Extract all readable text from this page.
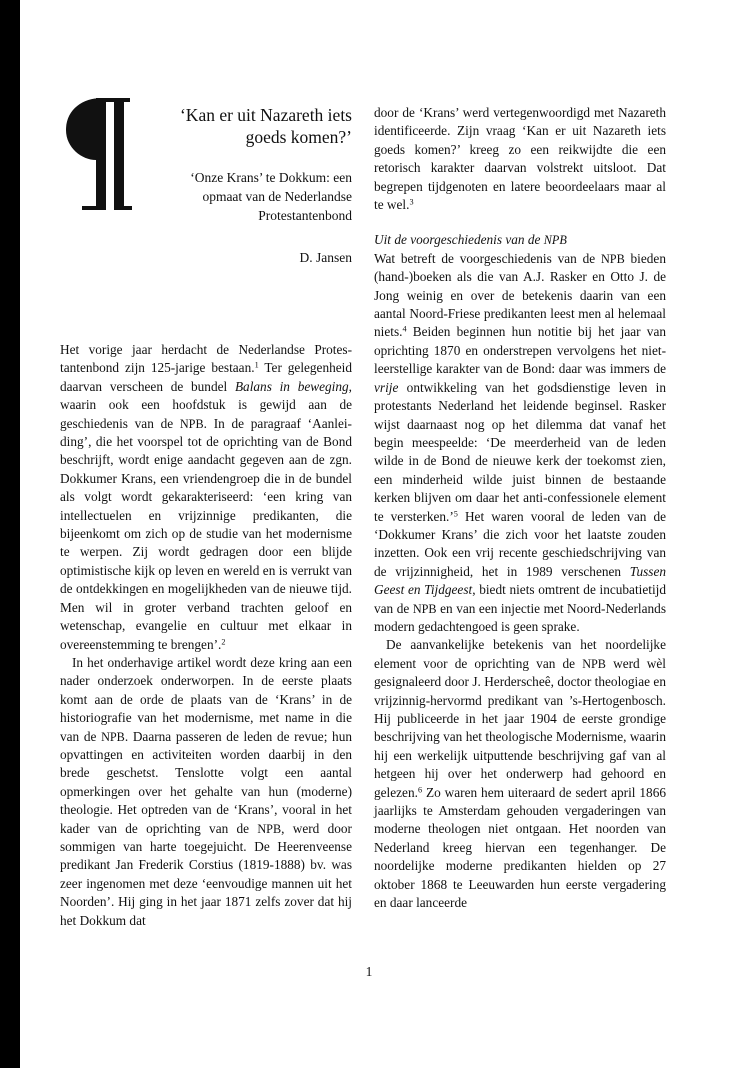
‘Kan er uit Nazareth iets
goeds komen?’
‘Onze Krans’ te Dokkum: een
opmaat van de Nederlandse
Protestantenbond
D. Jansen

Het vorige jaar herdacht de Nederlandse Protestantenbond zijn 125-jarige bestaan.$^1$ Ter gelegenheid daarvan verscheen de bundel Balans in beweging, waarin ook een hoofdstuk is gewijd aan de geschiedenis van de NPB. In de paragraaf ‘Aanleiding’, die het voorspel tot de oprichting van de Bond beschrijft, wordt enige aandacht gegeven aan de zgn. Dokkumer Krans, een vriendengroep die in de bundel als volgt wordt gekarakteriseerd: ‘een kring van intellectuelen en vrijzinnige predikanten, die bijeenkomt om zich op de studie van het modernisme te werpen. Zij wordt gedragen door een blijde optimistische kijk op leven en wereld en is verrukt van de ontdekkingen en mogelijkheden van de nieuwe tijd. Men wil in groter verband trachten geloof en wetenschap, evangelie en cultuur met elkaar in overeenstemming te brengen’.$^2$

In het onderhavige artikel wordt deze kring aan een nader onderzoek onderworpen. In de eerste plaats komt aan de orde de plaats van de ‘Krans’ in de historiografie van het modernisme, met name in die van de NPB. Daarna passeren de leden de revue; hun opvattingen en activiteiten worden daarbij in den brede geschetst. Tenslotte volgt een aantal opmerkingen over het gehalte van hun (moderne) theologie. Het optreden van de ‘Krans’, vooral in het kader van de oprichting van de NPB, werd door sommigen van harte toegejuicht. De Heerenveense predikant Jan Frederik Corstius (1819-1888) bv. was zeer ingenomen met deze ‘eenvoudige mannen uit het Noorden’. Hij ging in het jaar 1871 zelfs zover dat hij het Dokkum dat

door de ‘Krans’ werd vertegenwoordigd met Nazareth identificeerde. Zijn vraag ‘Kan er uit Nazareth iets goeds komen?’ kreeg zo een reikwijdte die een retorisch karakter daarvan volstrekt uitsloot. Dat begrepen tijdgenoten en latere beoordeelaars maar al te wel.$^3$

Uit de voorgeschiedenis van de NPB

Wat betreft de voorgeschiedenis van de NPB bieden (hand-)boeken als die van A.J. Rasker en Otto J. de Jong weinig en over de betekenis daarin van een aantal Noord-Friese predikanten leest men al helemaal niets.$^4$ Beiden beginnen hun notitie bij het jaar van oprichting 1870 en onderstrepen vervolgens het niet-leerstellige karakter van de Bond: daar was immers de vrije ontwikkeling van het godsdienstige leven in protestants Nederland het leidende beginsel. Rasker wijst daarnaast nog op het dilemma dat vanaf het begin meespeelde: ‘De meerderheid van de leden wilde in de Bond de nieuwe kerk der toekomst zien, een minderheid wilde juist binnen de bestaande kerken blijven om daar het anti-confessionele element te versterken.’$^5$ Het waren vooral de leden van de ‘Dokkumer Krans’ die zich voor het laatste zouden inzetten. Ook een vrij recente geschiedschrijving van de vrijzinnigheid, het in 1989 verschenen Tussen Geest en Tijdgeest, biedt niets omtrent de incubatietijd van de NPB en van een injectie met Noord-Nederlands modern gedachtengoed is geen sprake.

De aanvankelijke betekenis van het noordelijke element voor de oprichting van de NPB werd wèl gesignaleerd door J. Herderscheê, doctor theologiae en vrijzinnig-hervormd predikant van ’s-Hertogenbosch. Hij publiceerde in het jaar 1904 de eerste grondige beschrijving van het theologische Modernisme, waarin hij een werkelijk uitputtende beschrijving gaf van al hetgeen hij over het onderwerp had gehoord en gelezen.$^6$ Zo waren hem uiteraard de sedert april 1866 jaarlijks te Amsterdam gehouden vergaderingen van moderne theologen niet ontgaan. Het noorden van Nederland kreeg hiervan een tegenhanger. De noordelijke moderne predikanten hielden op 27 oktober 1868 te Leeuwarden hun eerste vergadering en daar lanceerde

1
